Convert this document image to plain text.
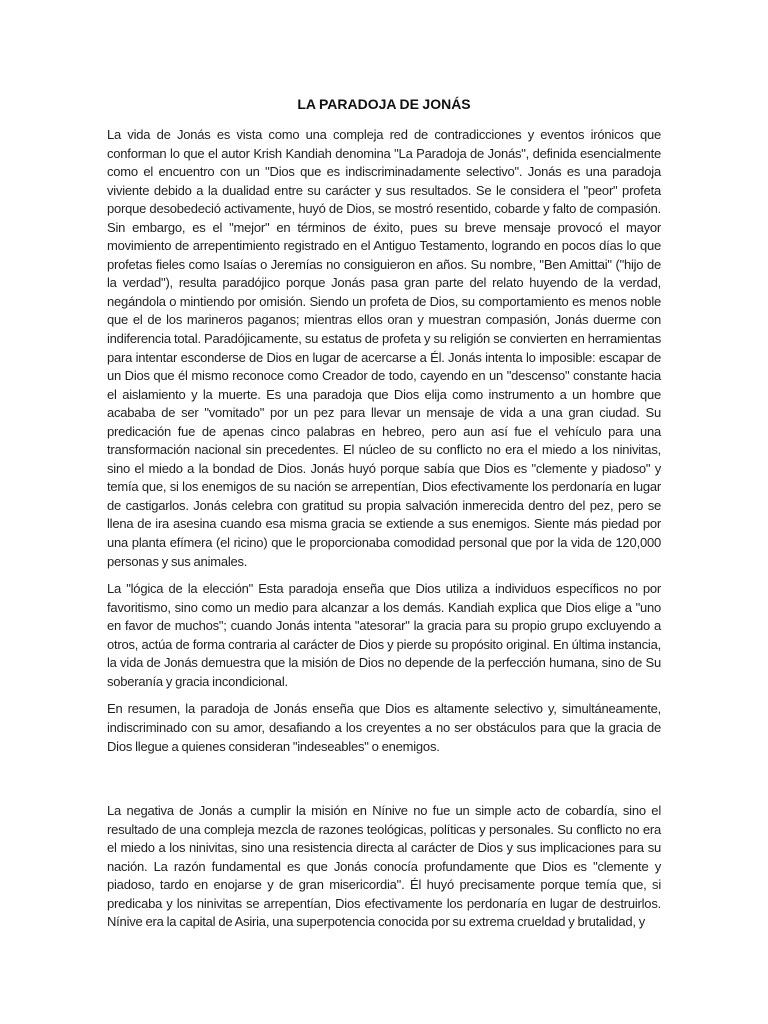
LA PARADOJA DE JONÁS

La vida de Jonás es vista como una compleja red de contradicciones y eventos irónicos que conforman lo que el autor Krish Kandiah denomina "La Paradoja de Jonás", definida esencialmente como el encuentro con un "Dios que es indiscriminadamente selectivo". Jonás es una paradoja viviente debido a la dualidad entre su carácter y sus resultados. Se le considera el "peor" profeta porque desobedeció activamente, huyó de Dios, se mostró resentido, cobarde y falto de compasión. Sin embargo, es el "mejor" en términos de éxito, pues su breve mensaje provocó el mayor movimiento de arrepentimiento registrado en el Antiguo Testamento, logrando en pocos días lo que profetas fieles como Isaías o Jeremías no consiguieron en años. Su nombre, "Ben Amittai" ("hijo de la verdad"), resulta paradójico porque Jonás pasa gran parte del relato huyendo de la verdad, negándola o mintiendo por omisión. Siendo un profeta de Dios, su comportamiento es menos noble que el de los marineros paganos; mientras ellos oran y muestran compasión, Jonás duerme con indiferencia total. Paradójicamente, su estatus de profeta y su religión se convierten en herramientas para intentar esconderse de Dios en lugar de acercarse a Él. Jonás intenta lo imposible: escapar de un Dios que él mismo reconoce como Creador de todo, cayendo en un "descenso" constante hacia el aislamiento y la muerte. Es una paradoja que Dios elija como instrumento a un hombre que acababa de ser "vomitado" por un pez para llevar un mensaje de vida a una gran ciudad. Su predicación fue de apenas cinco palabras en hebreo, pero aun así fue el vehículo para una transformación nacional sin precedentes. El núcleo de su conflicto no era el miedo a los ninivitas, sino el miedo a la bondad de Dios. Jonás huyó porque sabía que Dios es "clemente y piadoso" y temía que, si los enemigos de su nación se arrepentían, Dios efectivamente los perdonaría en lugar de castigarlos. Jonás celebra con gratitud su propia salvación inmerecida dentro del pez, pero se llena de ira asesina cuando esa misma gracia se extiende a sus enemigos. Siente más piedad por una planta efímera (el ricino) que le proporcionaba comodidad personal que por la vida de 120,000 personas y sus animales.

La "lógica de la elección" Esta paradoja enseña que Dios utiliza a individuos específicos no por favoritismo, sino como un medio para alcanzar a los demás. Kandiah explica que Dios elige a "uno en favor de muchos"; cuando Jonás intenta "atesorar" la gracia para su propio grupo excluyendo a otros, actúa de forma contraria al carácter de Dios y pierde su propósito original. En última instancia, la vida de Jonás demuestra que la misión de Dios no depende de la perfección humana, sino de Su soberanía y gracia incondicional.

En resumen, la paradoja de Jonás enseña que Dios es altamente selectivo y, simultáneamente, indiscriminado con su amor, desafiando a los creyentes a no ser obstáculos para que la gracia de Dios llegue a quienes consideran "indeseables" o enemigos.

La negativa de Jonás a cumplir la misión en Nínive no fue un simple acto de cobardía, sino el resultado de una compleja mezcla de razones teológicas, políticas y personales. Su conflicto no era el miedo a los ninivitas, sino una resistencia directa al carácter de Dios y sus implicaciones para su nación. La razón fundamental es que Jonás conocía profundamente que Dios es "clemente y piadoso, tardo en enojarse y de gran misericordia". Él huyó precisamente porque temía que, si predicaba y los ninivitas se arrepentían, Dios efectivamente los perdonaría en lugar de destruirlos. Nínive era la capital de Asiria, una superpotencia conocida por su extrema crueldad y brutalidad, y
